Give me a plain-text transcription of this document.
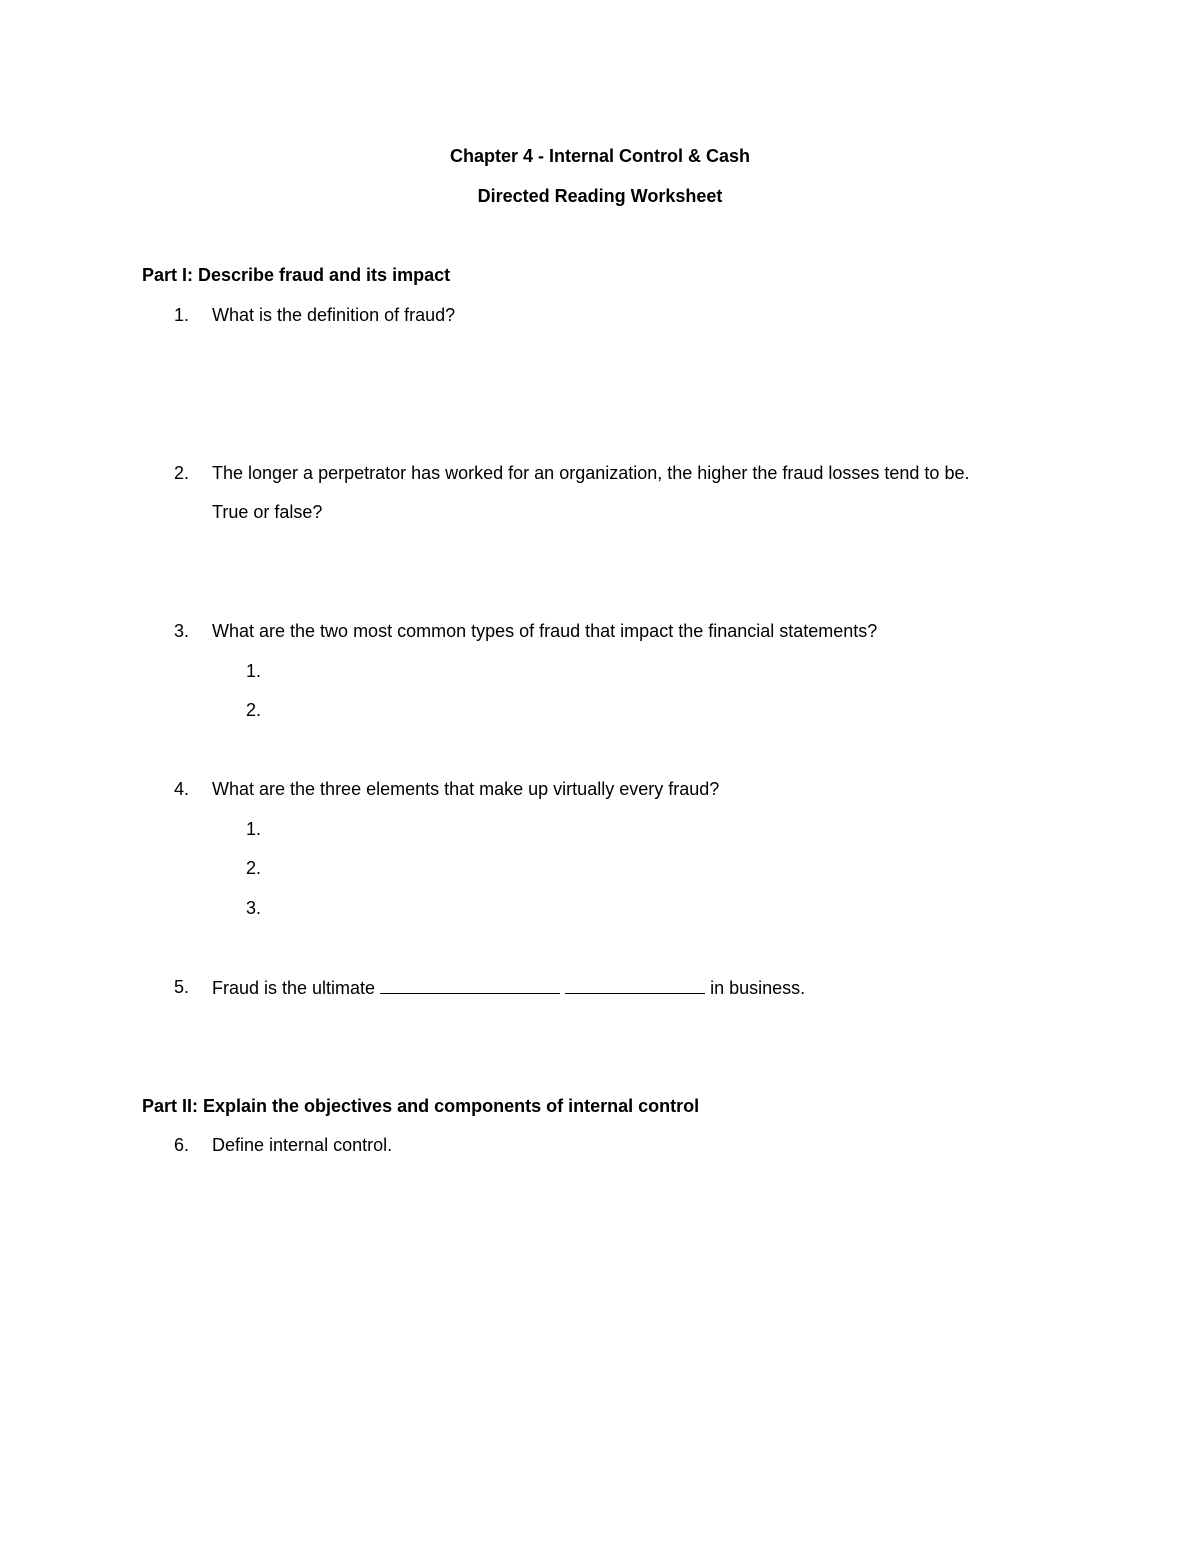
Chapter 4 - Internal Control & Cash
Directed Reading Worksheet
Part I: Describe fraud and its impact
1. What is the definition of fraud?
2. The longer a perpetrator has worked for an organization, the higher the fraud losses tend to be.
True or false?
3. What are the two most common types of fraud that impact the financial statements?
1.
2.
4. What are the three elements that make up virtually every fraud?
1.
2.
3.
5. Fraud is the ultimate	in business.
Part II: Explain the objectives and components of internal control
6. Define internal control.
